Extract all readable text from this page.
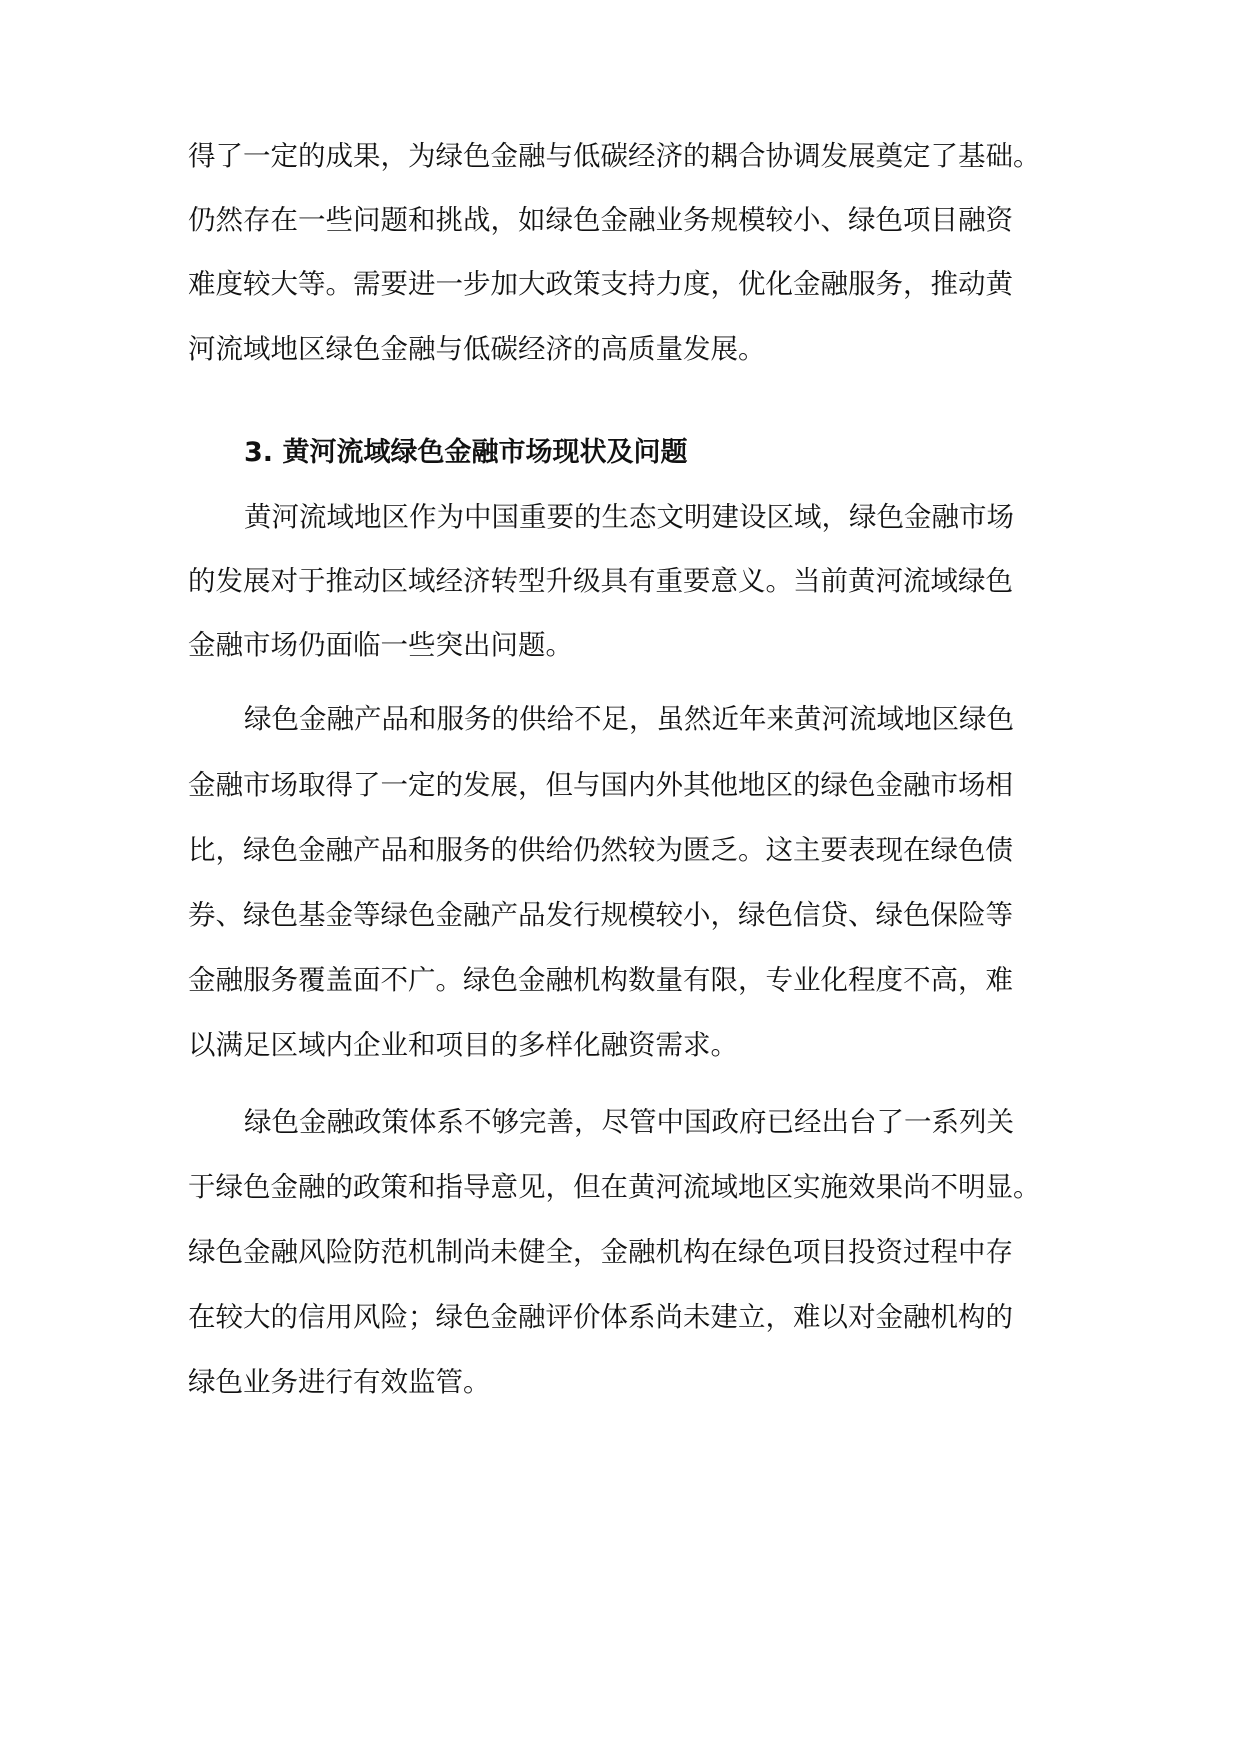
得了一定的成果，为绿色金融与低碳经济的耦合协调发展奠定了基础。
仍然存在一些问题和挑战，如绿色金融业务规模较小、绿色项目融资
难度较大等。需要进一步加大政策支持力度，优化金融服务，推动黄
河流域地区绿色金融与低碳经济的高质量发展。
3. 黄河流域绿色金融市场现状及问题
黄河流域地区作为中国重要的生态文明建设区域，绿色金融市场
的发展对于推动区域经济转型升级具有重要意义。当前黄河流域绿色
金融市场仍面临一些突出问题。
绿色金融产品和服务的供给不足，虽然近年来黄河流域地区绿色
金融市场取得了一定的发展，但与国内外其他地区的绿色金融市场相
比，绿色金融产品和服务的供给仍然较为匮乏。这主要表现在绿色债
券、绿色基金等绿色金融产品发行规模较小，绿色信贷、绿色保险等
金融服务覆盖面不广。绿色金融机构数量有限，专业化程度不高，难
以满足区域内企业和项目的多样化融资需求。
绿色金融政策体系不够完善，尽管中国政府已经出台了一系列关
于绿色金融的政策和指导意见，但在黄河流域地区实施效果尚不明显。
绿色金融风险防范机制尚未健全，金融机构在绿色项目投资过程中存
在较大的信用风险；绿色金融评价体系尚未建立，难以对金融机构的
绿色业务进行有效监管。
